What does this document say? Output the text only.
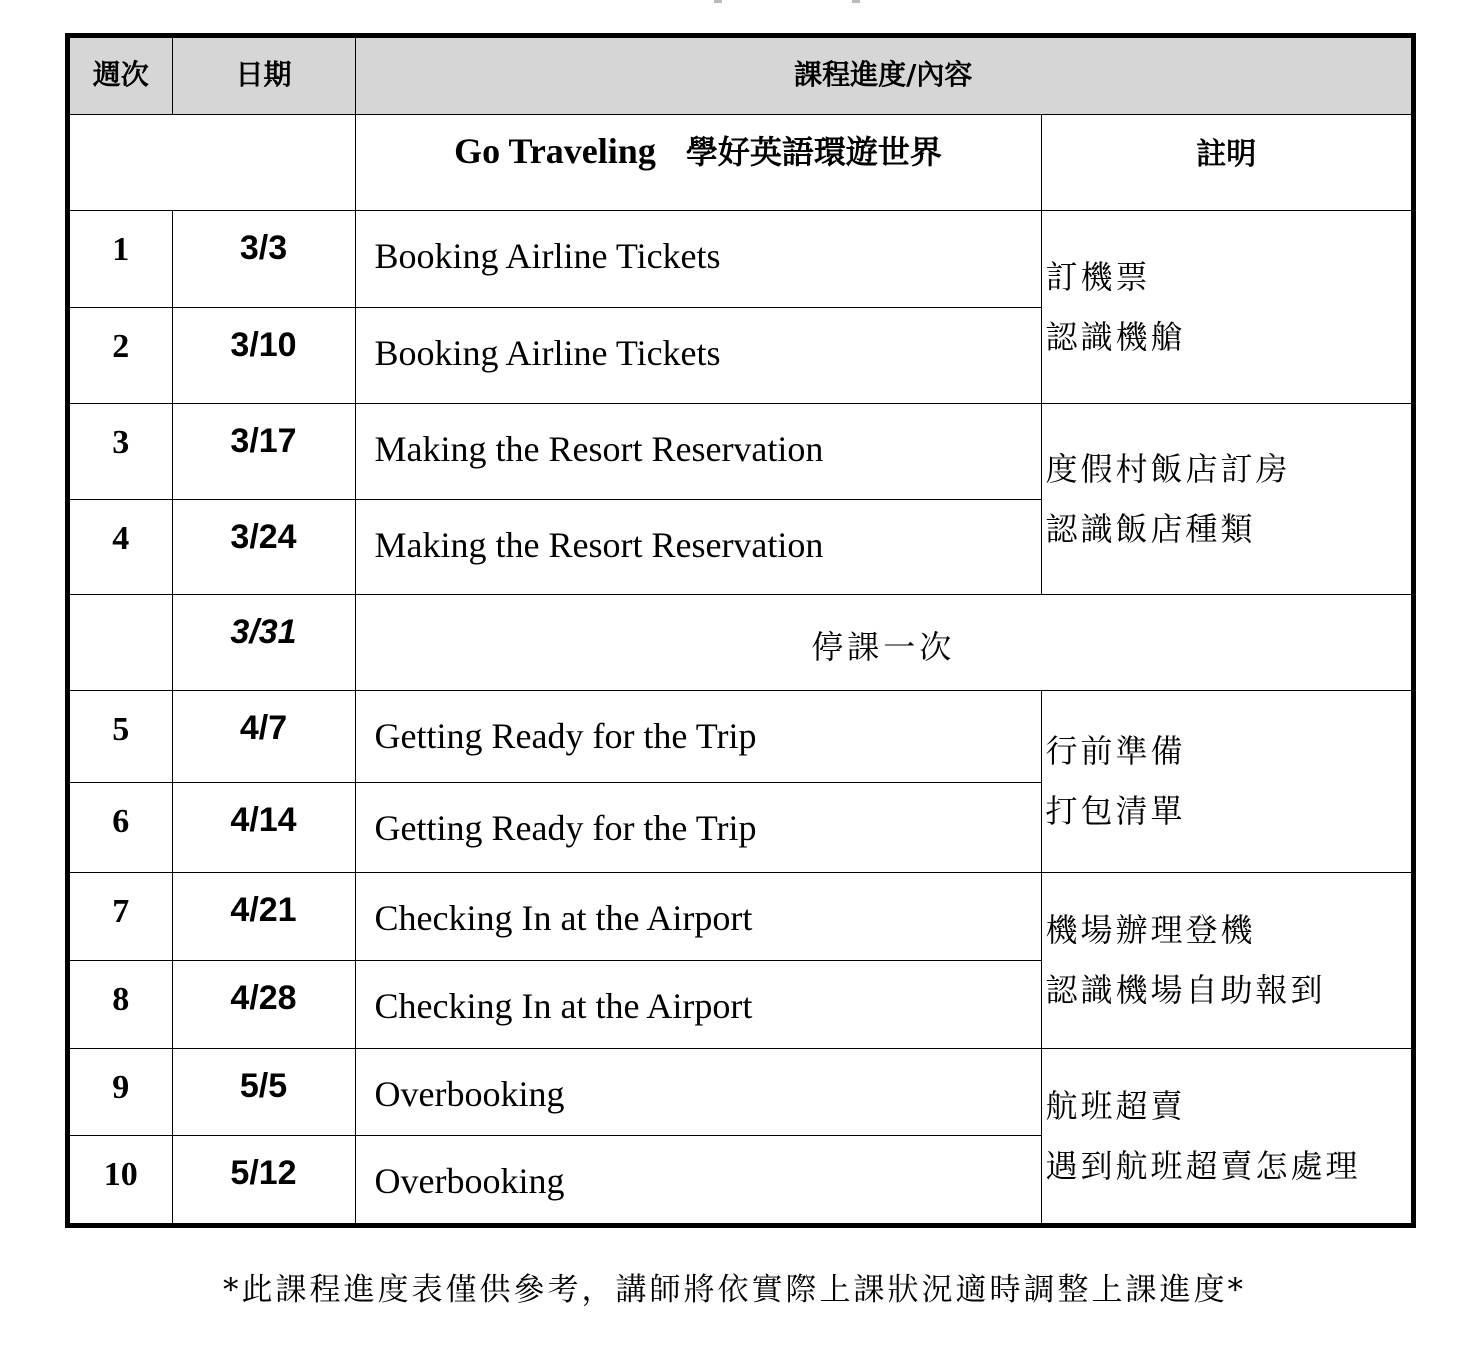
週次	日期	課程進度/內容	
		Go Traveling 學好英語環遊世界	註明
1	3/3	Booking Airline Tickets	訂機票
認識機艙

2	3/10	Booking Airline Tickets	
3	3/17	Making the Resort Reservation	度假村飯店訂房
認識飯店種類

4	3/24	Making the Resort Reservation	
	3/31	停課一次	
5	4/7	Getting Ready for the Trip	行前準備
打包清單

6	4/14	Getting Ready for the Trip	
7	4/21	Checking In at the Airport	機場辦理登機
認識機場自助報到

8	4/28	Checking In at the Airport	
9	5/5	Overbooking	航班超賣
遇到航班超賣怎處理

10	5/12	Overbooking	
*此課程進度表僅供參考，講師將依實際上課狀況適時調整上課進度*
